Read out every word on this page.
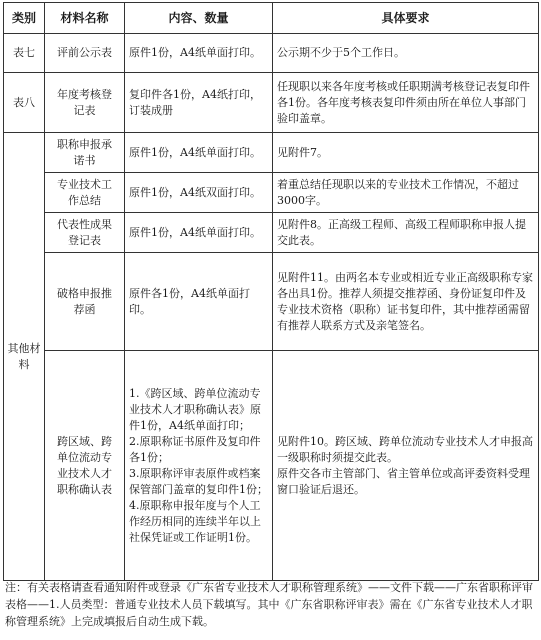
类别	材料名称	内容、数量	具体要求
表七	评前公示表	原件1份，A4纸单面打印。	公示期不少于5个工作日。
表八	年度考核登记表	复印件各1份，A4纸打印，订装成册	任现职以来各年度考核或任职期满考核登记表复印件各1份。各年度考核表复印件须由所在单位人事部门验印盖章。
其他材料	职称申报承诺书	原件1份，A4纸单面打印。	见附件7。
	专业技术工作总结	原件1份，A4纸双面打印。	着重总结任现职以来的专业技术工作情况，不超过3000字。
	代表性成果登记表	原件1份，A4纸单面打印。	见附件8。正高级工程师、高级工程师职称申报人提交此表。
	破格申报推荐函	原件各1份，A4纸单面打印。	见附件11。由两名本专业或相近专业正高级职称专家各出具1份。推荐人须提交推荐函、身份证复印件及专业技术资格（职称）证书复印件，其中推荐函需留有推荐人联系方式及亲笔签名。
	跨区域、跨单位流动专业技术人才职称确认表	1.《跨区域、跨单位流动专业技术人才职称确认表》原件1份，A4纸单面打印；
2.原职称证书原件及复印件各1份；
3.原职称评审表原件或档案保管部门盖章的复印件1份；
4.原职称申报年度与个人工作经历相同的连续半年以上社保凭证或工作证明1份。	见附件10。跨区域、跨单位流动专业技术人才申报高一级职称时须提交此表。
原件交各市主管部门、省主管单位或高评委资料受理窗口验证后退还。

注：有关表格请查看通知附件或登录《广东省专业技术人才职称管理系统》——文件下载——广东省职称评审表格——1.人员类型：普通专业技术人员下载填写。其中《广东省职称评审表》需在《广东省专业技术人才职称管理系统》上完成填报后自动生成下载。
